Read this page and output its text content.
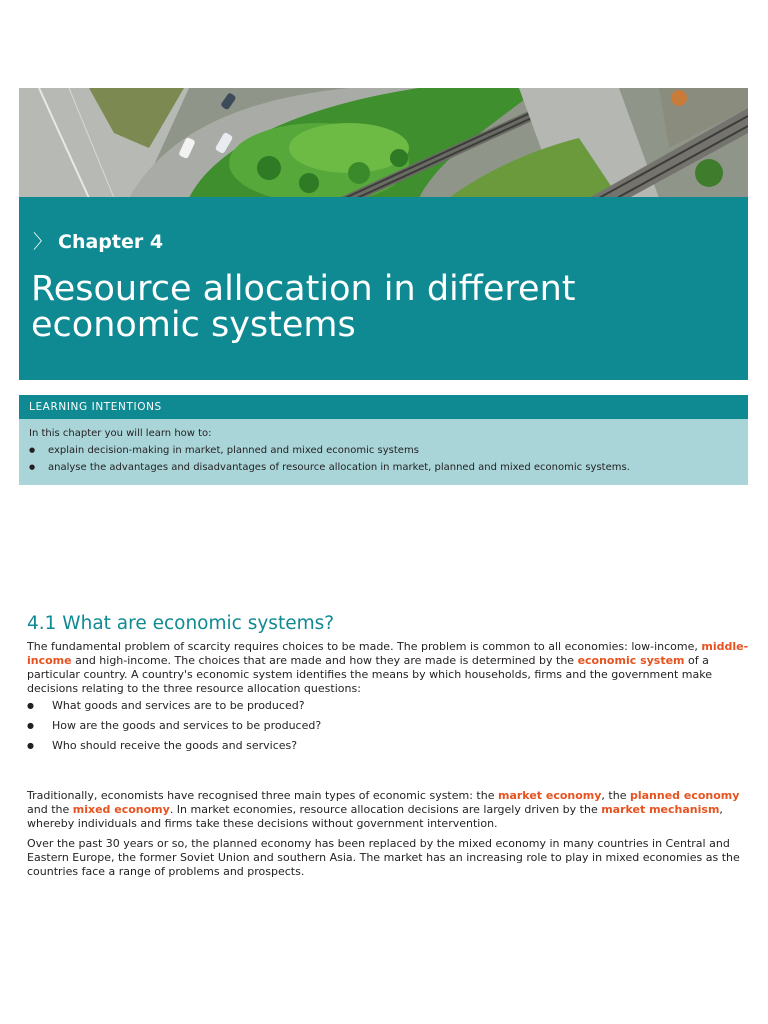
〉 Chapter 4
Resource allocation in different economic systems
LEARNING INTENTIONS
In this chapter you will learn how to:
● explain decision-making in market, planned and mixed economic systems
● analyse the advantages and disadvantages of resource allocation in market, planned and mixed economic systems.
4.1 What are economic systems?

The fundamental problem of scarcity requires choices to be made. The problem is common to all economies: low-income, middle-income and high-income. The choices that are made and how they are made is determined by the economic system of a particular country. A country's economic system identifies the means by which households, firms and the government make decisions relating to the three resource allocation questions:

● What goods and services are to be produced?
● How are the goods and services to be produced?
● Who should receive the goods and services?

Traditionally, economists have recognised three main types of economic system: the market economy, the planned economy and the mixed economy. In market economies, resource allocation decisions are largely driven by the market mechanism, whereby individuals and firms take these decisions without government intervention.

Over the past 30 years or so, the planned economy has been replaced by the mixed economy in many countries in Central and Eastern Europe, the former Soviet Union and southern Asia. The market has an increasing role to play in mixed economies as the countries face a range of problems and prospects.
